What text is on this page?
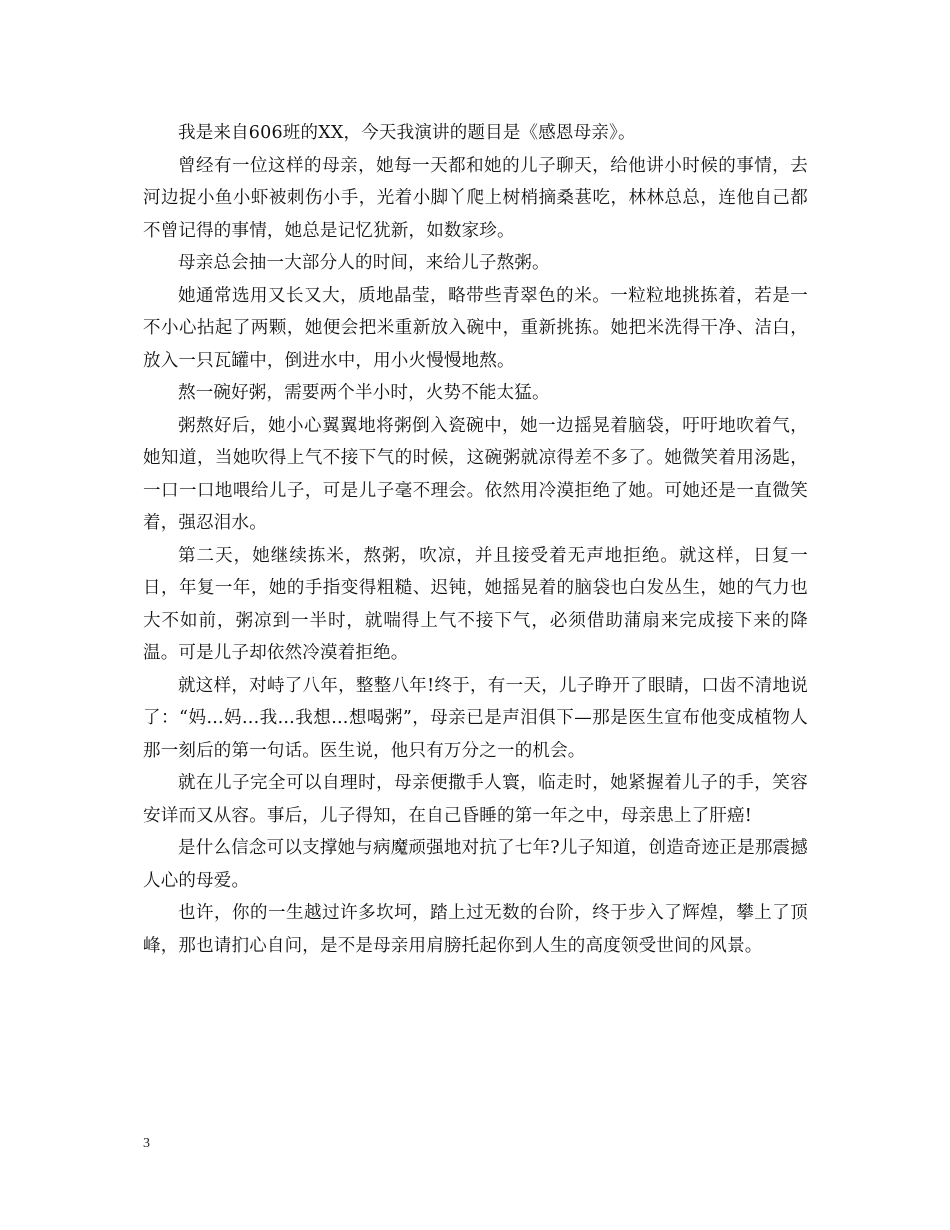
我是来自606班的XX，今天我演讲的题目是《感恩母亲》。

曾经有一位这样的母亲，她每一天都和她的儿子聊天，给他讲小时候的事情，去河边捉小鱼小虾被刺伤小手，光着小脚丫爬上树梢摘桑葚吃，林林总总，连他自己都不曾记得的事情，她总是记忆犹新，如数家珍。

母亲总会抽一大部分人的时间，来给儿子熬粥。

她通常选用又长又大，质地晶莹，略带些青翠色的米。一粒粒地挑拣着，若是一不小心拈起了两颗，她便会把米重新放入碗中，重新挑拣。她把米洗得干净、洁白，放入一只瓦罐中，倒进水中，用小火慢慢地熬。

熬一碗好粥，需要两个半小时，火势不能太猛。

粥熬好后，她小心翼翼地将粥倒入瓷碗中，她一边摇晃着脑袋，吁吁地吹着气，她知道，当她吹得上气不接下气的时候，这碗粥就凉得差不多了。她微笑着用汤匙，一口一口地喂给儿子，可是儿子毫不理会。依然用冷漠拒绝了她。可她还是一直微笑着，强忍泪水。

第二天，她继续拣米，熬粥，吹凉，并且接受着无声地拒绝。就这样，日复一日，年复一年，她的手指变得粗糙、迟钝，她摇晃着的脑袋也白发丛生，她的气力也大不如前，粥凉到一半时，就喘得上气不接下气，必须借助蒲扇来完成接下来的降温。可是儿子却依然冷漠着拒绝。

就这样，对峙了八年，整整八年!终于，有一天，儿子睁开了眼睛，口齿不清地说了：“妈...妈...我...我想...想喝粥”，母亲已是声泪俱下—那是医生宣布他变成植物人那一刻后的第一句话。医生说，他只有万分之一的机会。

就在儿子完全可以自理时，母亲便撒手人寰，临走时，她紧握着儿子的手，笑容安详而又从容。事后，儿子得知，在自己昏睡的第一年之中，母亲患上了肝癌!

是什么信念可以支撑她与病魔顽强地对抗了七年?儿子知道，创造奇迹正是那震撼人心的母爱。

也许，你的一生越过许多坎坷，踏上过无数的台阶，终于步入了辉煌，攀上了顶峰，那也请扪心自问，是不是母亲用肩膀托起你到人生的高度领受世间的风景。

3
